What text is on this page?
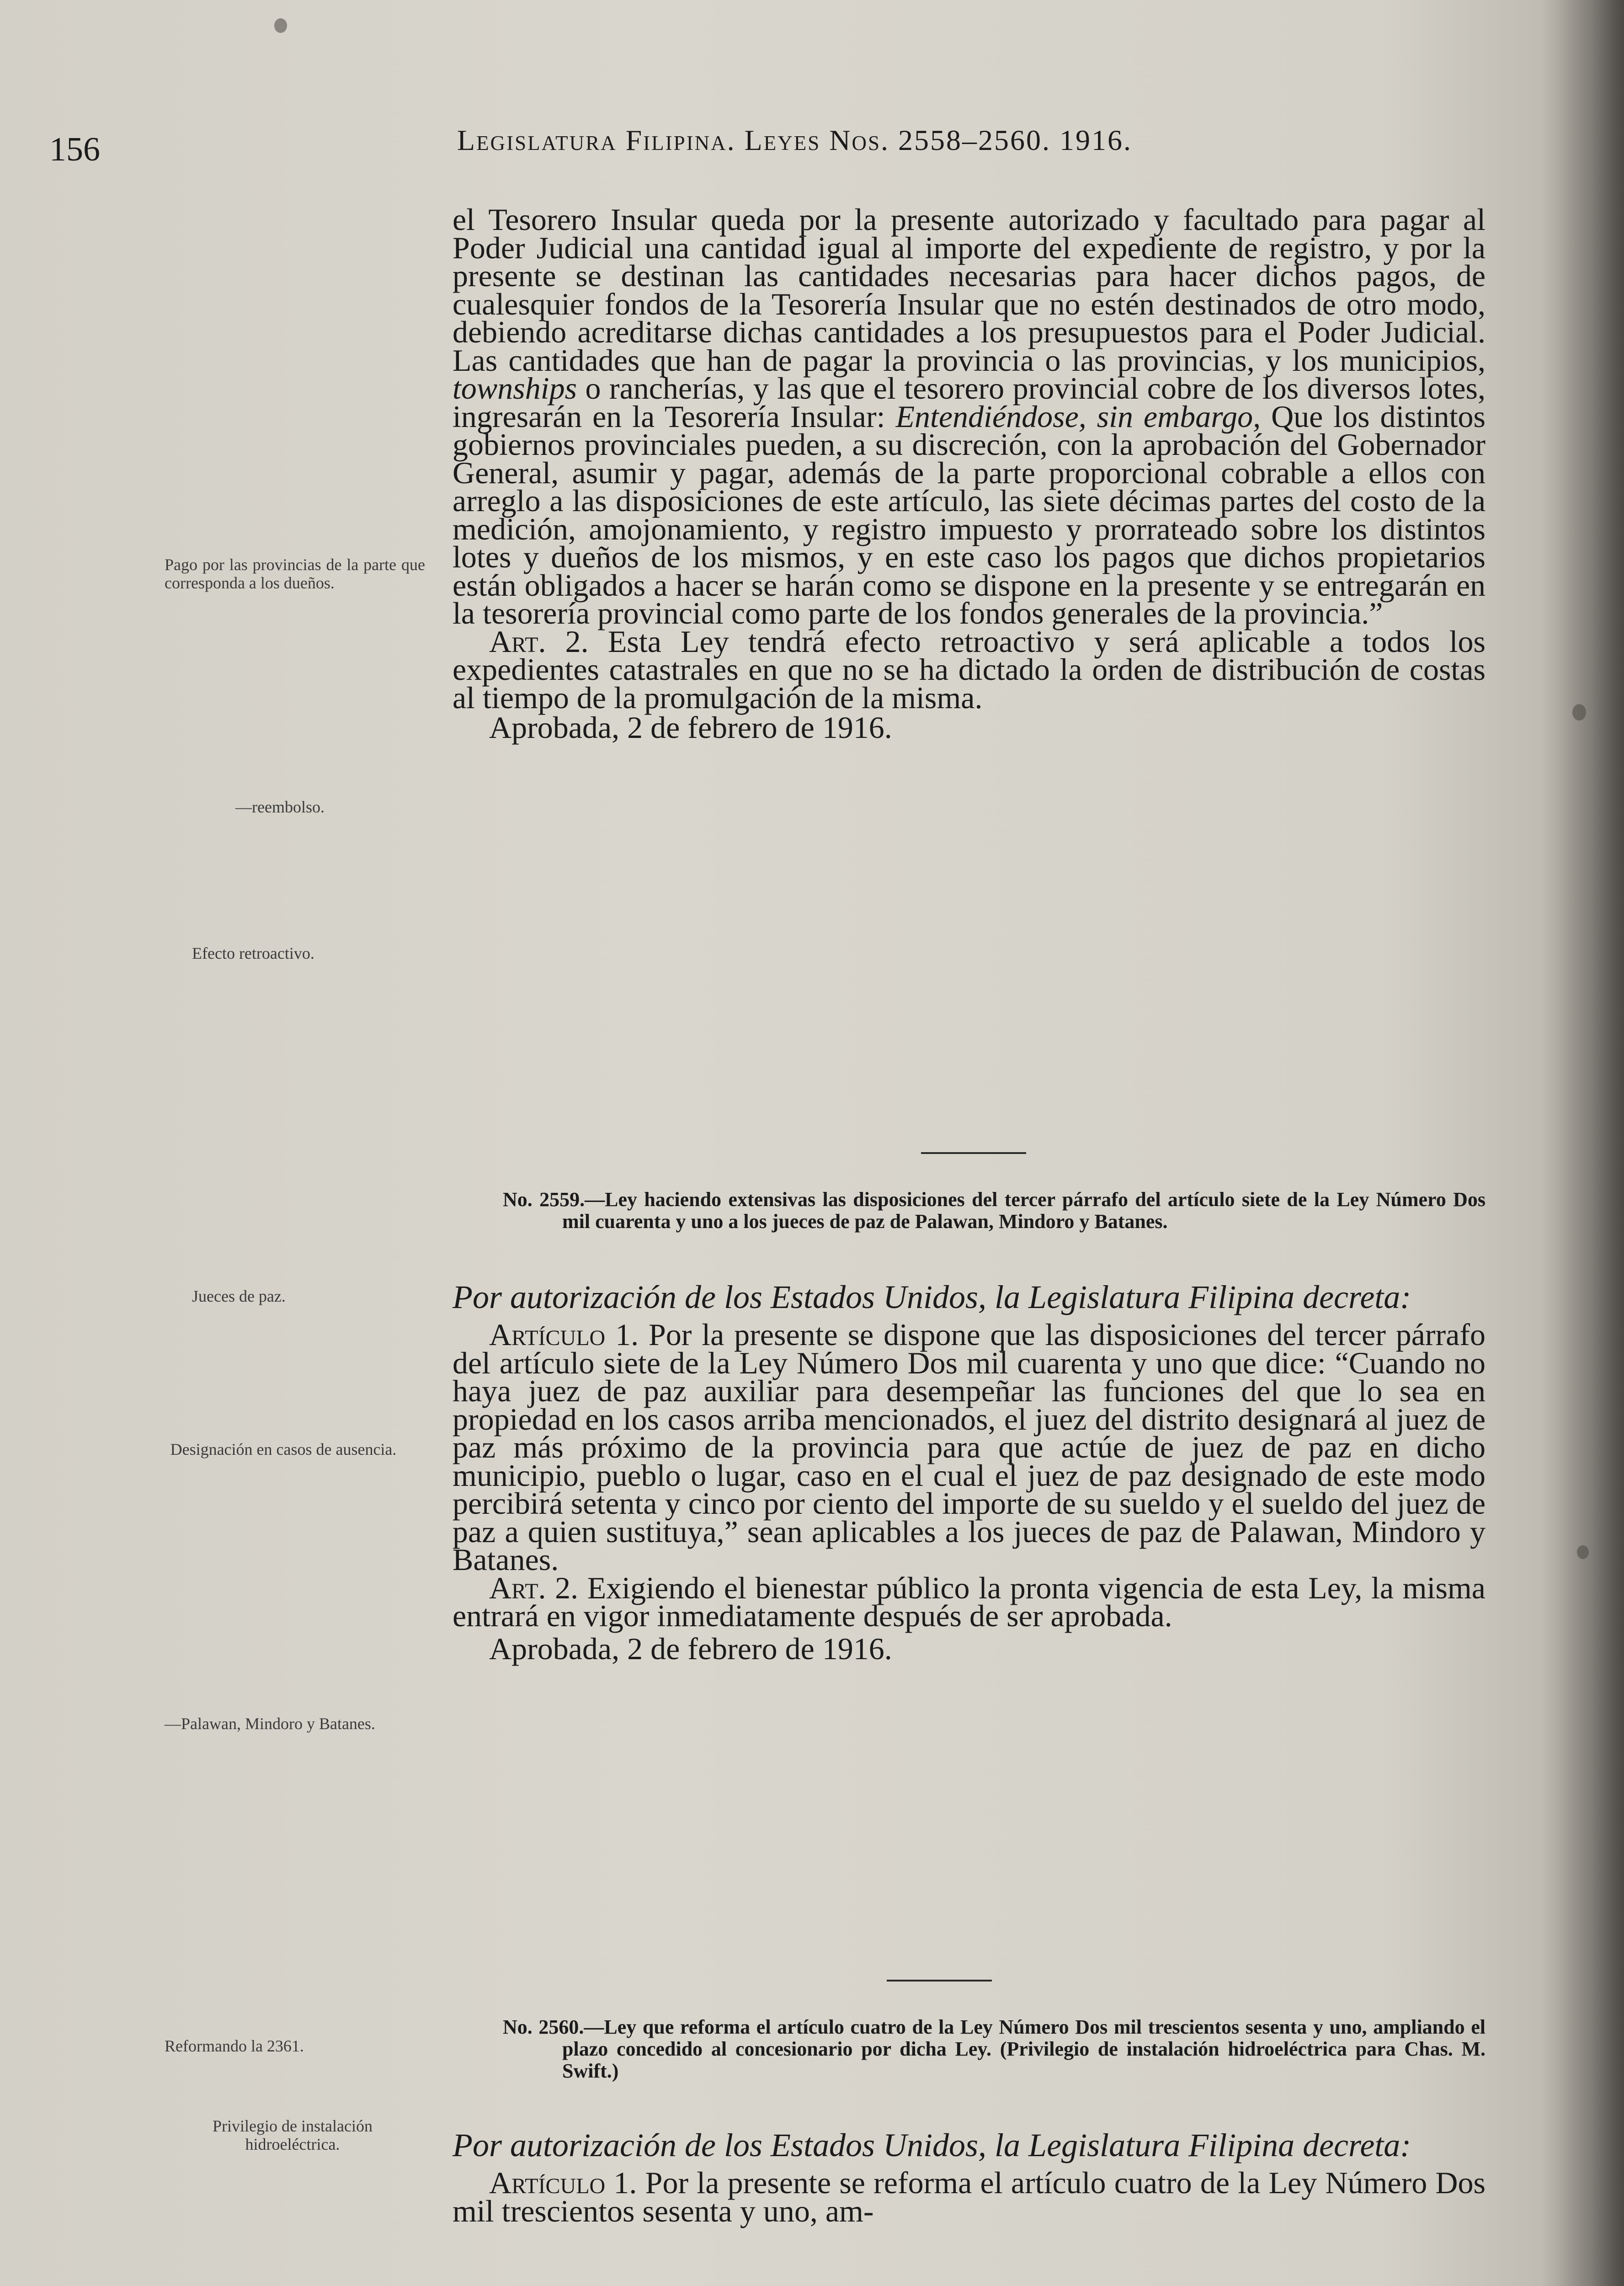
156	Legislatura Filipina. Leyes Nos. 2558–2560. 1916.
Pago por las provincias de la parte que corresponda a los dueños.
—reembolso.
Efecto retroactivo.
Jueces de paz.
Designación en casos de ausencia.
—Palawan, Mindoro y Batanes.
Reformando la 2361.
Privilegio de instalación hidroeléctrica.

el Tesorero Insular queda por la presente autorizado y facultado para pagar al Poder Judicial una cantidad igual al importe del expediente de registro, y por la presente se destinan las cantidades necesarias para hacer dichos pagos, de cualesquier fondos de la Tesorería Insular que no estén destinados de otro modo, debiendo acreditarse dichas cantidades a los presupuestos para el Poder Judicial. Las cantidades que han de pagar la provincia o las provincias, y los municipios, townships o rancherías, y las que el tesorero provincial cobre de los diversos lotes, ingresarán en la Tesorería Insular: Entendiéndose, sin embargo, Que los distintos gobiernos provinciales pueden, a su discreción, con la aprobación del Gobernador General, asumir y pagar, además de la parte proporcional cobrable a ellos con arreglo a las disposiciones de este artículo, las siete décimas partes del costo de la medición, amojonamiento, y registro impuesto y prorrateado sobre los distintos lotes y dueños de los mismos, y en este caso los pagos que dichos propietarios están obligados a hacer se harán como se dispone en la presente y se entregarán en la tesorería provincial como parte de los fondos generales de la provincia.”

Art. 2. Esta Ley tendrá efecto retroactivo y será aplicable a todos los expedientes catastrales en que no se ha dictado la orden de distribución de costas al tiempo de la promulgación de la misma.

Aprobada, 2 de febrero de 1916.

No. 2559.—Ley haciendo extensivas las disposiciones del tercer párrafo del artículo siete de la Ley Número Dos mil cuarenta y uno a los jueces de paz de Palawan, Mindoro y Batanes.

Por autorización de los Estados Unidos, la Legislatura Filipina decreta:

Artículo 1. Por la presente se dispone que las disposiciones del tercer párrafo del artículo siete de la Ley Número Dos mil cuarenta y uno que dice: “Cuando no haya juez de paz auxiliar para desempeñar las funciones del que lo sea en propiedad en los casos arriba mencionados, el juez del distrito designará al juez de paz más próximo de la provincia para que actúe de juez de paz en dicho municipio, pueblo o lugar, caso en el cual el juez de paz designado de este modo percibirá setenta y cinco por ciento del importe de su sueldo y el sueldo del juez de paz a quien sustituya,” sean aplicables a los jueces de paz de Palawan, Mindoro y Batanes.

Art. 2. Exigiendo el bienestar público la pronta vigencia de esta Ley, la misma entrará en vigor inmediatamente después de ser aprobada.

Aprobada, 2 de febrero de 1916.

No. 2560.—Ley que reforma el artículo cuatro de la Ley Número Dos mil trescientos sesenta y uno, ampliando el plazo concedido al concesionario por dicha Ley. (Privilegio de instalación hidroeléctrica para Chas. M. Swift.)

Por autorización de los Estados Unidos, la Legislatura Filipina decreta:

Artículo 1. Por la presente se reforma el artículo cuatro de la Ley Número Dos mil trescientos sesenta y uno, am-
